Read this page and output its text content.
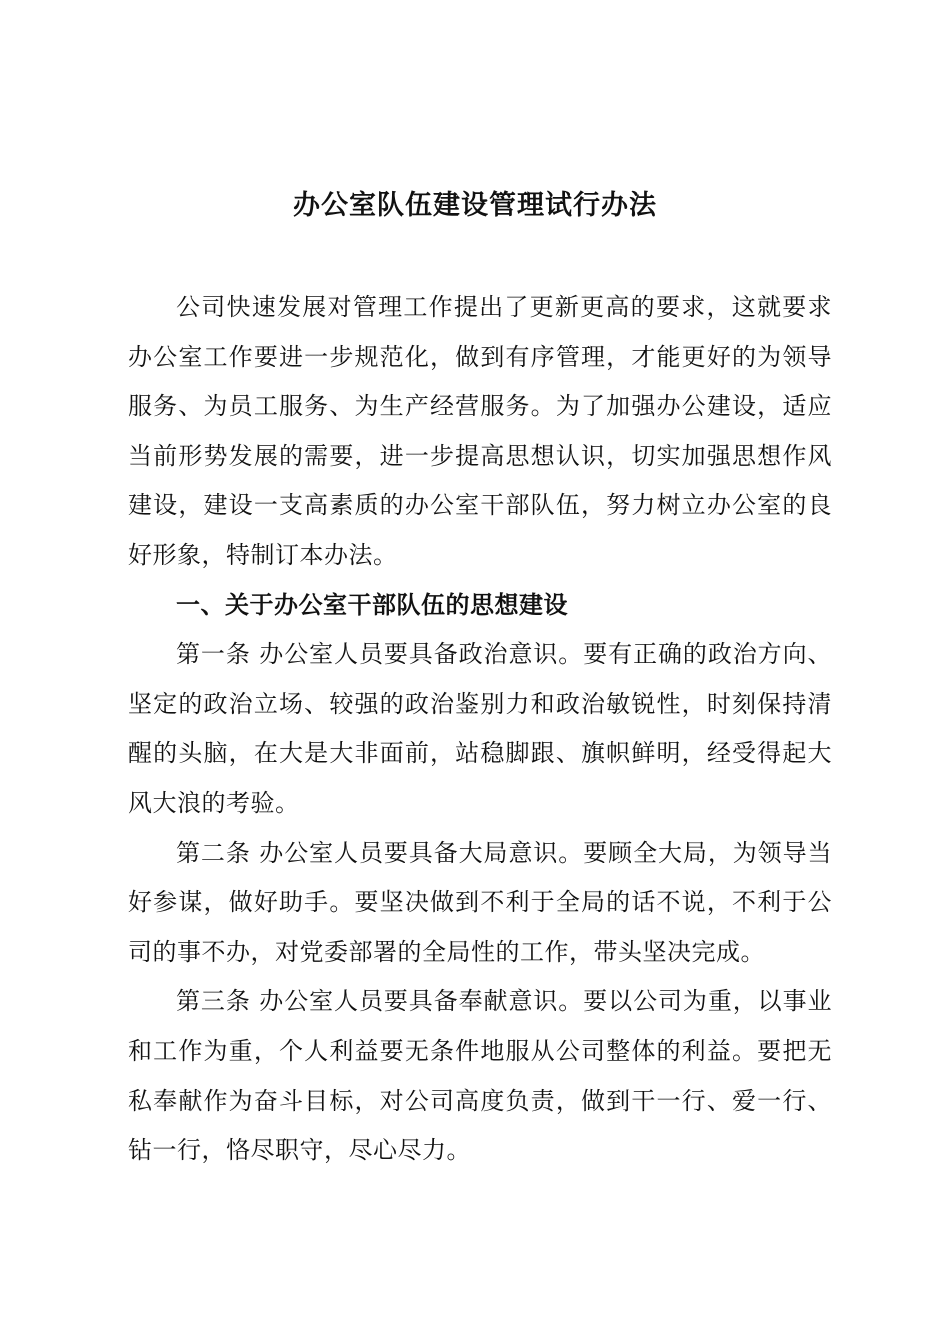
办公室队伍建设管理试行办法

公司快速发展对管理工作提出了更新更高的要求，这就要求办公室工作要进一步规范化，做到有序管理，才能更好的为领导服务、为员工服务、为生产经营服务。为了加强办公建设，适应当前形势发展的需要，进一步提高思想认识，切实加强思想作风建设，建设一支高素质的办公室干部队伍，努力树立办公室的良好形象，特制订本办法。

一、关于办公室干部队伍的思想建设

第一条 办公室人员要具备政治意识。要有正确的政治方向、坚定的政治立场、较强的政治鉴别力和政治敏锐性，时刻保持清醒的头脑，在大是大非面前，站稳脚跟、旗帜鲜明，经受得起大风大浪的考验。

第二条 办公室人员要具备大局意识。要顾全大局，为领导当好参谋，做好助手。要坚决做到不利于全局的话不说，不利于公司的事不办，对党委部署的全局性的工作，带头坚决完成。

第三条 办公室人员要具备奉献意识。要以公司为重，以事业和工作为重，个人利益要无条件地服从公司整体的利益。要把无私奉献作为奋斗目标，对公司高度负责，做到干一行、爱一行、钻一行，恪尽职守，尽心尽力。
